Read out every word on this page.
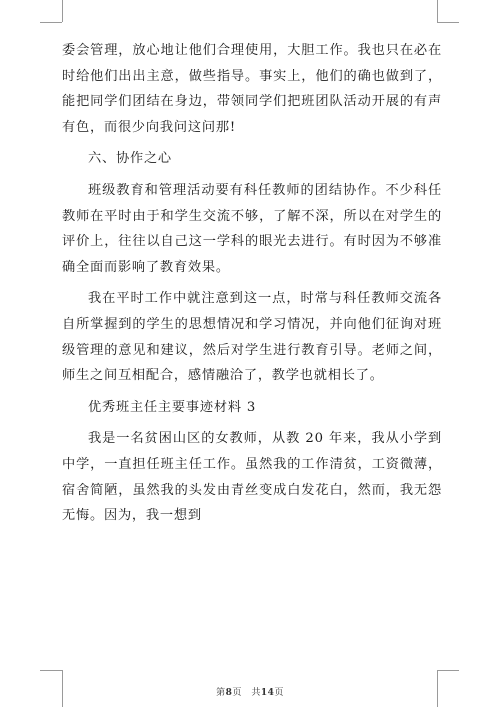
委会管理，放心地让他们合理使用，大胆工作。我也只在必在时给他们出出主意，做些指导。事实上，他们的确也做到了，能把同学们团结在身边，带领同学们把班团队活动开展的有声有色，而很少向我问这问那!

六、协作之心

班级教育和管理活动要有科任教师的团结协作。不少科任教师在平时由于和学生交流不够，了解不深，所以在对学生的评价上，往往以自己这一学科的眼光去进行。有时因为不够准确全面而影响了教育效果。

我在平时工作中就注意到这一点，时常与科任教师交流各自所掌握到的学生的思想情况和学习情况，并向他们征询对班级管理的意见和建议，然后对学生进行教育引导。老师之间，师生之间互相配合，感情融洽了，教学也就相长了。

优秀班主任主要事迹材料 3

我是一名贫困山区的女教师，从教 20 年来，我从小学到中学，一直担任班主任工作。虽然我的工作清贫，工资微薄，宿舍简陋，虽然我的头发由青丝变成白发花白，然而，我无怨无悔。因为，我一想到

第8页　共14页
